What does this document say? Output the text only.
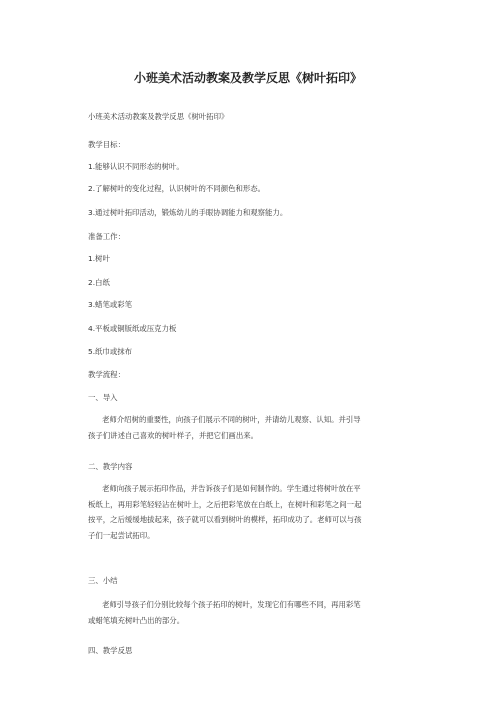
小班美术活动教案及教学反思《树叶拓印》
小班美术活动教案及教学反思《树叶拓印》
教学目标：
1.能够认识不同形态的树叶。
2.了解树叶的变化过程，认识树叶的不同颜色和形态。
3.通过树叶拓印活动，锻炼幼儿的手眼协调能力和观察能力。
准备工作：
1.树叶
2.白纸
3.蜡笔或彩笔
4.平板或铜版纸或压克力板
5.纸巾或抹布
教学流程：
一、导入
老师介绍树的重要性，向孩子们展示不同的树叶，并请幼儿观察、认知。并引导
孩子们讲述自己喜欢的树叶样子，并把它们画出来。
二、教学内容
老师向孩子展示拓印作品，并告诉孩子们是如何制作的。学生通过将树叶放在平
板纸上，再用彩笔轻轻沾在树叶上，之后把彩笔放在白纸上，在树叶和彩笔之间一起
按平，之后缓缓地拔起来，孩子就可以看到树叶的模样，拓印成功了。老师可以与孩
子们一起尝试拓印。
三、小结
老师引导孩子们分别比较每个孩子拓印的树叶，发现它们有哪些不同，再用彩笔
或蜡笔填充树叶凸出的部分。
四、教学反思
